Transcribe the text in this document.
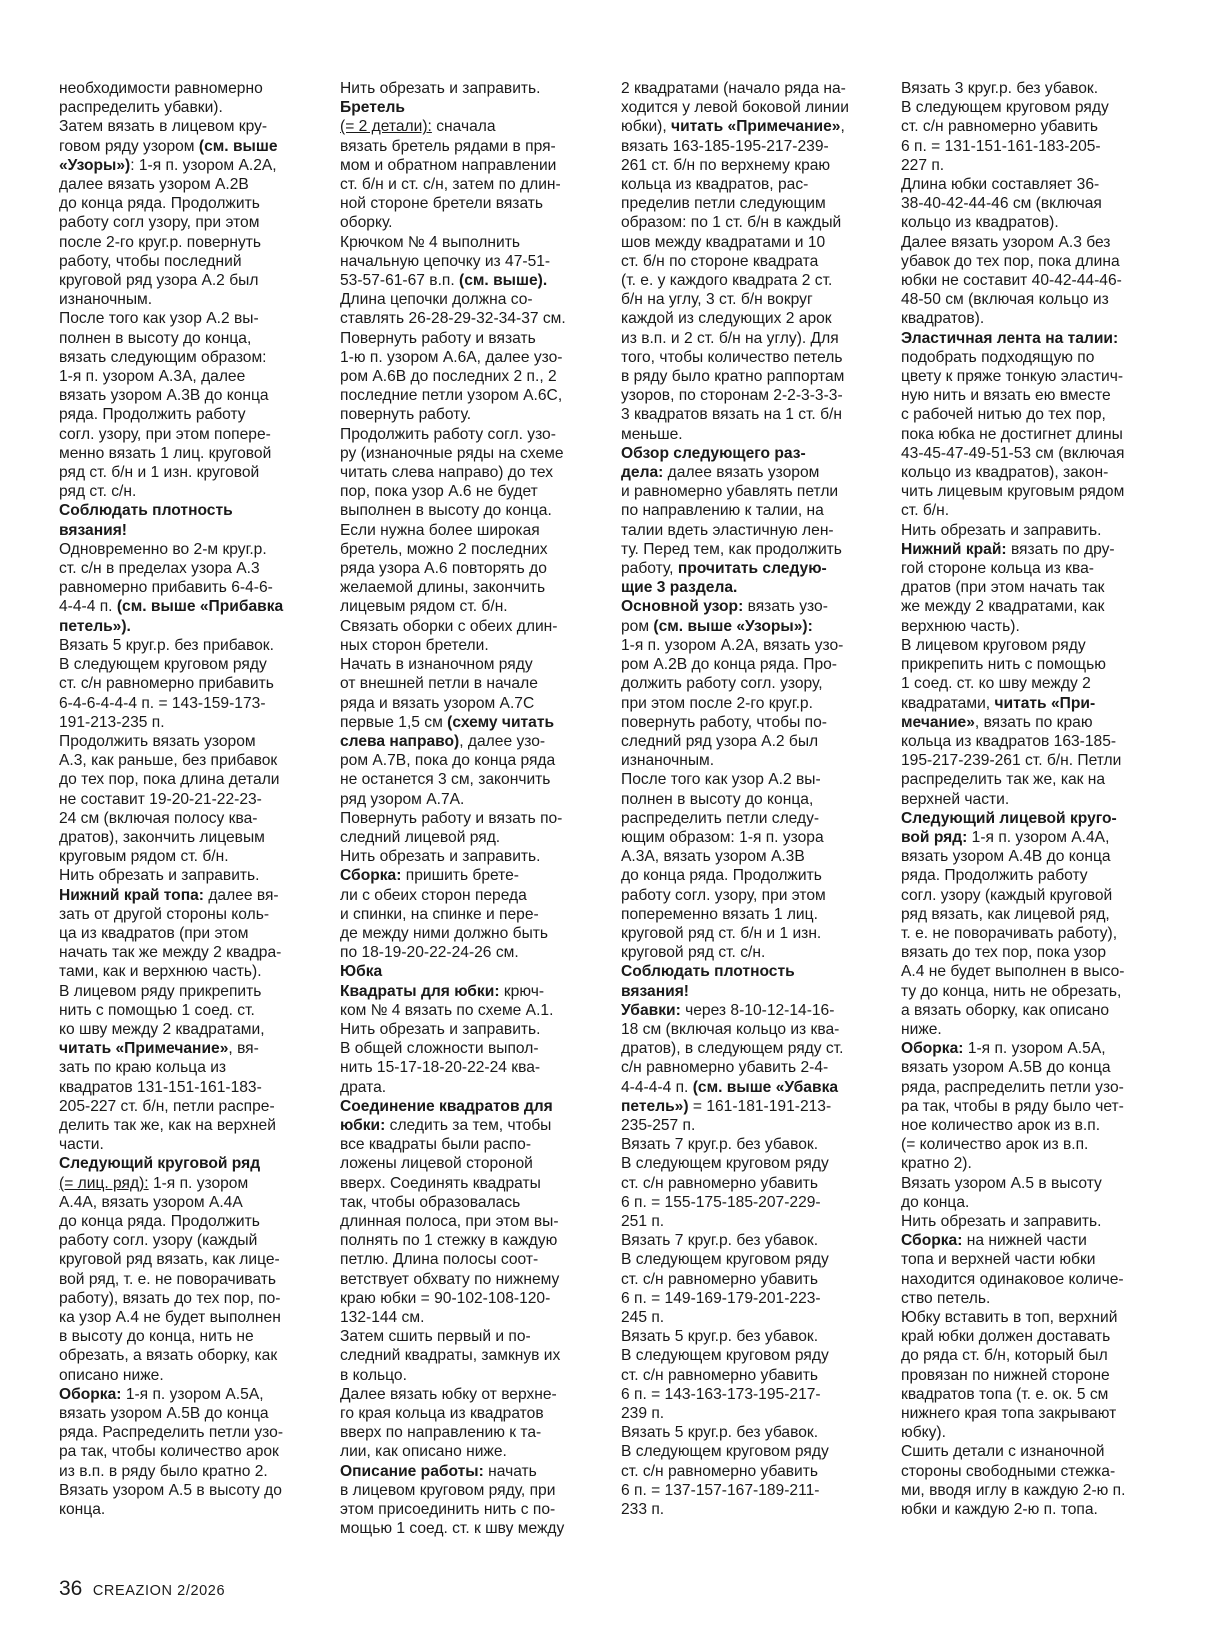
необходимости равномерно
распределить убавки).
Затем вязать в лицевом кру-
говом ряду узором (см. выше
«Узоры»): 1-я п. узором А.2А,
далее вязать узором А.2В
до конца ряда. Продолжить
работу согл узору, при этом
после 2-го круг.р. повернуть
работу, чтобы последний
круговой ряд узора А.2 был
изнаночным.

После того как узор А.2 вы-
полнен в высоту до конца,
вязать следующим образом:
1-я п. узором А.3А, далее
вязать узором А.3В до конца
ряда. Продолжить работу
согл. узору, при этом попере-
менно вязать 1 лиц. круговой
ряд ст. б/н и 1 изн. круговой
ряд ст. с/н.

Соблюдать плотность
вязания!

Одновременно во 2-м круг.р.
ст. с/н в пределах узора А.3
равномерно прибавить 6-4-6-
4-4-4 п. (см. выше «Прибавка
петель»).

Вязать 5 круг.р. без прибавок.
В следующем круговом ряду
ст. с/н равномерно прибавить
6-4-6-4-4-4 п. = 143-159-173-
191-213-235 п.

Продолжить вязать узором
А.3, как раньше, без прибавок
до тех пор, пока длина детали
не составит 19-20-21-22-23-
24 см (включая полосу ква-
дратов), закончить лицевым
круговым рядом ст. б/н.

Нить обрезать и заправить.

Нижний край топа: далее вя-
зать от другой стороны коль-
ца из квадратов (при этом
начать так же между 2 квадра-
тами, как и верхнюю часть).

В лицевом ряду прикрепить
нить с помощью 1 соед. ст.
ко шву между 2 квадратами,
читать «Примечание», вя-
зать по краю кольца из
квадратов 131-151-161-183-
205-227 ст. б/н, петли распре-
делить так же, как на верхней
части.

Следующий круговой ряд
(= лиц. ряд): 1-я п. узором
А.4А, вязать узором А.4А
до конца ряда. Продолжить
работу согл. узору (каждый
круговой ряд вязать, как лице-
вой ряд, т. е. не поворачивать
работу), вязать до тех пор, по-
ка узор А.4 не будет выполнен
в высоту до конца, нить не
обрезать, а вязать оборку, как
описано ниже.

Оборка: 1-я п. узором А.5А,
вязать узором А.5В до конца
ряда. Распределить петли узо-
ра так, чтобы количество арок
из в.п. в ряду было кратно 2.
Вязать узором А.5 в высоту до
конца.

Нить обрезать и заправить.

Бретель
(= 2 детали): сначала
вязать бретель рядами в пря-
мом и обратном направлении
ст. б/н и ст. с/н, затем по длин-
ной стороне бретели вязать
оборку.

Крючком № 4 выполнить
начальную цепочку из 47-51-
53-57-61-67 в.п. (см. выше).
Длина цепочки должна со-
ставлять 26-28-29-32-34-37 см.
Повернуть работу и вязать
1-ю п. узором А.6А, далее узо-
ром А.6В до последних 2 п., 2
последние петли узором А.6С,
повернуть работу.

Продолжить работу согл. узо-
ру (изнаночные ряды на схеме
читать слева направо) до тех
пор, пока узор А.6 не будет
выполнен в высоту до конца.
Если нужна более широкая
бретель, можно 2 последних
ряда узора А.6 повторять до
желаемой длины, закончить
лицевым рядом ст. б/н.

Связать оборки с обеих длин-
ных сторон бретели.

Начать в изнаночном ряду
от внешней петли в начале
ряда и вязать узором А.7С
первые 1,5 см (схему читать
слева направо), далее узо-
ром А.7В, пока до конца ряда
не останется 3 см, закончить
ряд узором А.7А.

Повернуть работу и вязать по-
следний лицевой ряд.

Нить обрезать и заправить.

Сборка: пришить брете-
ли с обеих сторон переда
и спинки, на спинке и пере-
де между ними должно быть
по 18-19-20-22-24-26 см.

Юбка

Квадраты для юбки: крюч-
ком № 4 вязать по схеме А.1.
Нить обрезать и заправить.
В общей сложности выпол-
нить 15-17-18-20-22-24 ква-
драта.

Соединение квадратов для
юбки: следить за тем, чтобы
все квадраты были распо-
ложены лицевой стороной
вверх. Соединять квадраты
так, чтобы образовалась
длинная полоса, при этом вы-
полнять по 1 стежку в каждую
петлю. Длина полосы соот-
ветствует обхвату по нижнему
краю юбки = 90-102-108-120-
132-144 см.

Затем сшить первый и по-
следний квадраты, замкнув их
в кольцо.

Далее вязать юбку от верхне-
го края кольца из квадратов
вверх по направлению к та-
лии, как описано ниже.

Описание работы: начать
в лицевом круговом ряду, при
этом присоединить нить с по-
мощью 1 соед. ст. к шву между

2 квадратами (начало ряда на-
ходится у левой боковой линии
юбки), читать «Примечание»,
вязать 163-185-195-217-239-
261 ст. б/н по верхнему краю
кольца из квадратов, рас-
пределив петли следующим
образом: по 1 ст. б/н в каждый
шов между квадратами и 10
ст. б/н по стороне квадрата
(т. е. у каждого квадрата 2 ст.
б/н на углу, 3 ст. б/н вокруг
каждой из следующих 2 арок
из в.п. и 2 ст. б/н на углу). Для
того, чтобы количество петель
в ряду было кратно раппортам
узоров, по сторонам 2-2-3-3-3-
3 квадратов вязать на 1 ст. б/н
меньше.

Обзор следующего раз-
дела: далее вязать узором
и равномерно убавлять петли
по направлению к талии, на
талии вдеть эластичную лен-
ту. Перед тем, как продолжить
работу, прочитать следую-
щие 3 раздела.

Основной узор: вязать узо-
ром (см. выше «Узоры»):
1-я п. узором А.2А, вязать узо-
ром А.2В до конца ряда. Про-
должить работу согл. узору,
при этом после 2-го круг.р.
повернуть работу, чтобы по-
следний ряд узора А.2 был
изнаночным.

После того как узор А.2 вы-
полнен в высоту до конца,
распределить петли следу-
ющим образом: 1-я п. узора
А.3А, вязать узором А.3В
до конца ряда. Продолжить
работу согл. узору, при этом
попеременно вязать 1 лиц.
круговой ряд ст. б/н и 1 изн.
круговой ряд ст. с/н.

Соблюдать плотность
вязания!

Убавки: через 8-10-12-14-16-
18 см (включая кольцо из ква-
дратов), в следующем ряду ст.
с/н равномерно убавить 2-4-
4-4-4-4 п. (см. выше «Убавка
петель») = 161-181-191-213-
235-257 п.

Вязать 7 круг.р. без убавок.
В следующем круговом ряду
ст. с/н равномерно убавить
6 п. = 155-175-185-207-229-
251 п.

Вязать 7 круг.р. без убавок.
В следующем круговом ряду
ст. с/н равномерно убавить
6 п. = 149-169-179-201-223-
245 п.

Вязать 5 круг.р. без убавок.
В следующем круговом ряду
ст. с/н равномерно убавить
6 п. = 143-163-173-195-217-
239 п.

Вязать 5 круг.р. без убавок.
В следующем круговом ряду
ст. с/н равномерно убавить
6 п. = 137-157-167-189-211-
233 п.

Вязать 3 круг.р. без убавок.
В следующем круговом ряду
ст. с/н равномерно убавить
6 п. = 131-151-161-183-205-
227 п.

Длина юбки составляет 36-
38-40-42-44-46 см (включая
кольцо из квадратов).

Далее вязать узором А.3 без
убавок до тех пор, пока длина
юбки не составит 40-42-44-46-
48-50 см (включая кольцо из
квадратов).

Эластичная лента на талии:
подобрать подходящую по
цвету к пряже тонкую эластич-
ную нить и вязать ею вместе
с рабочей нитью до тех пор,
пока юбка не достигнет длины
43-45-47-49-51-53 см (включая
кольцо из квадратов), закон-
чить лицевым круговым рядом
ст. б/н.

Нить обрезать и заправить.

Нижний край: вязать по дру-
гой стороне кольца из ква-
дратов (при этом начать так
же между 2 квадратами, как
верхнюю часть).

В лицевом круговом ряду
прикрепить нить с помощью
1 соед. ст. ко шву между 2
квадратами, читать «При-
мечание», вязать по краю
кольца из квадратов 163-185-
195-217-239-261 ст. б/н. Петли
распределить так же, как на
верхней части.

Следующий лицевой круго-
вой ряд: 1-я п. узором А.4А,
вязать узором А.4В до конца
ряда. Продолжить работу
согл. узору (каждый круговой
ряд вязать, как лицевой ряд,
т. е. не поворачивать работу),
вязать до тех пор, пока узор
А.4 не будет выполнен в высо-
ту до конца, нить не обрезать,
а вязать оборку, как описано
ниже.

Оборка: 1-я п. узором А.5А,
вязать узором А.5В до конца
ряда, распределить петли узо-
ра так, чтобы в ряду было чет-
ное количество арок из в.п.
(= количество арок из в.п.
кратно 2).

Вязать узором А.5 в высоту
до конца.

Нить обрезать и заправить.

Сборка: на нижней части
топа и верхней части юбки
находится одинаковое количе-
ство петель.

Юбку вставить в топ, верхний
край юбки должен доставать
до ряда ст. б/н, который был
провязан по нижней стороне
квадратов топа (т. е. ок. 5 см
нижнего края топа закрывают
юбку).

Сшить детали с изнаночной
стороны свободными стежка-
ми, вводя иглу в каждую 2-ю п.
юбки и каждую 2-ю п. топа.

36 CREAZION 2/2026
